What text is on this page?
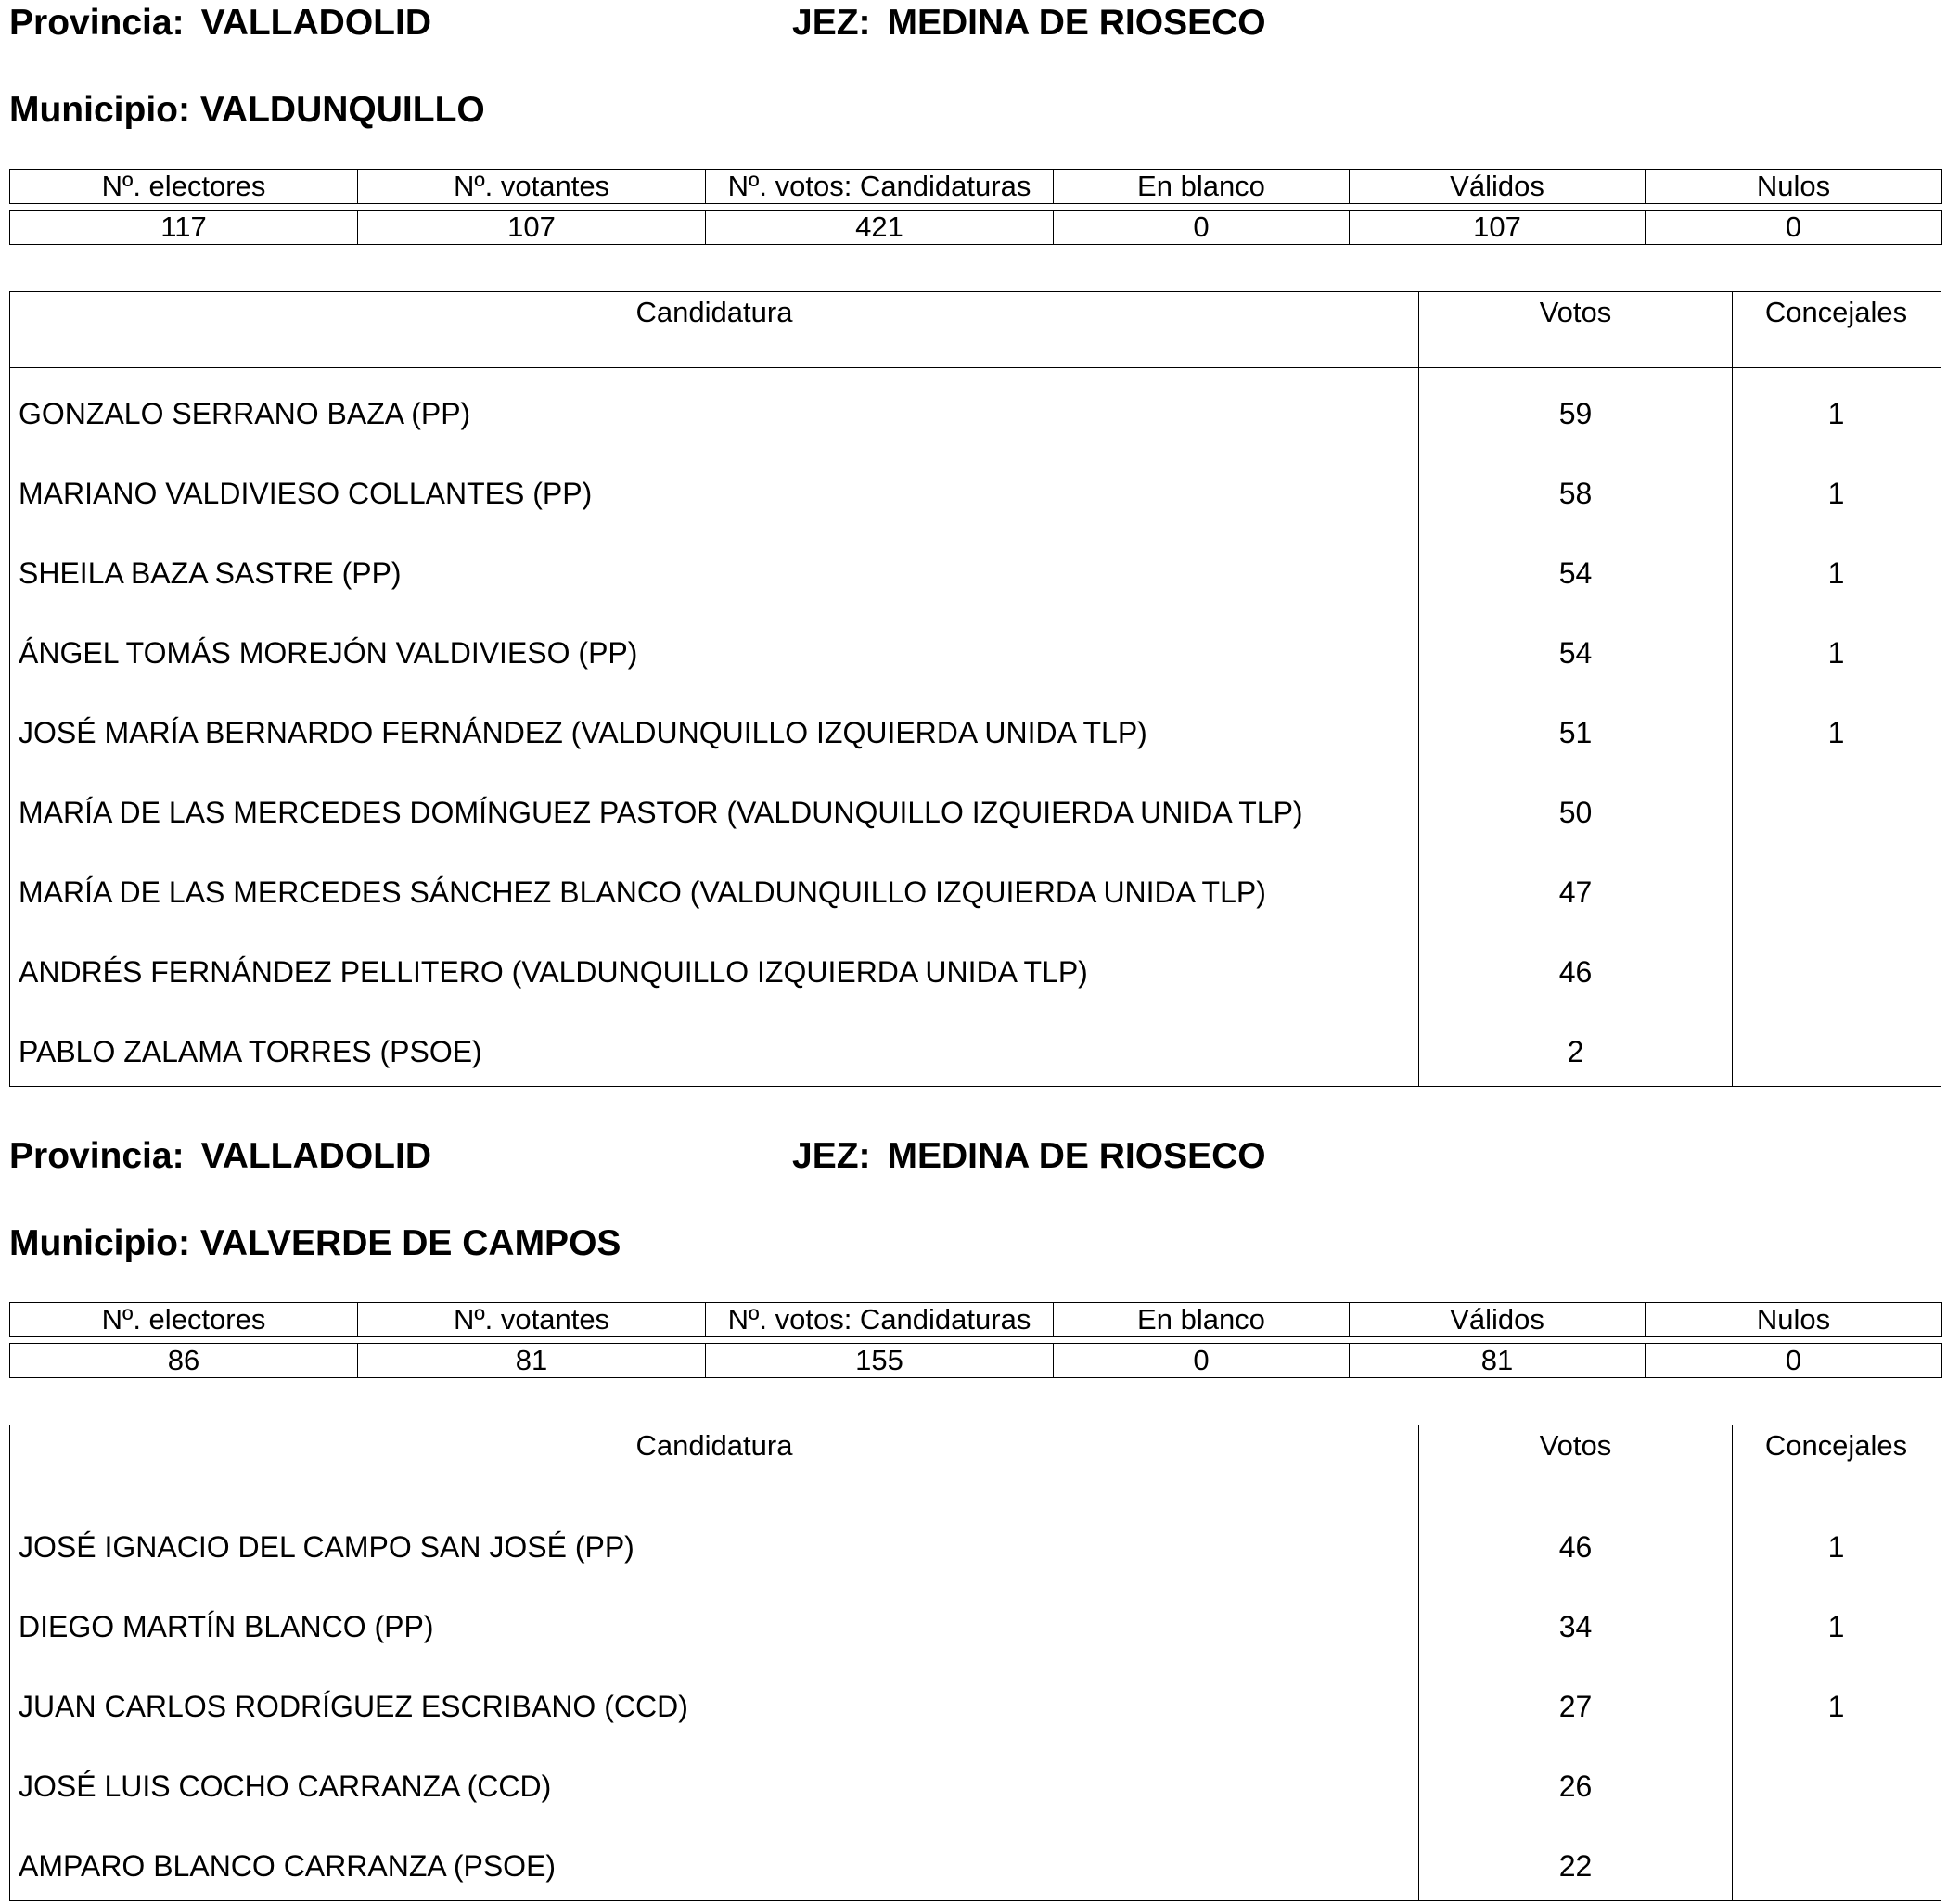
Provincia: VALLADOLID	JEZ: MEDINA DE RIOSECO
Municipio: VALDUNQUILLO
Nº. electores	Nº. votantes	Nº. votos: Candidaturas	En blanco	Válidos	Nulos

117	107	421	0	107	0
Candidatura	Votos	Concejales
GONZALO SERRANO BAZA (PP)	59	1
MARIANO VALDIVIESO COLLANTES (PP)	58	1
SHEILA BAZA SASTRE (PP)	54	1
ÁNGEL TOMÁS MOREJÓN VALDIVIESO (PP)	54	1
JOSÉ MARÍA BERNARDO FERNÁNDEZ (VALDUNQUILLO IZQUIERDA UNIDA TLP)	51	1
MARÍA DE LAS MERCEDES DOMÍNGUEZ PASTOR (VALDUNQUILLO IZQUIERDA UNIDA TLP)	50
MARÍA DE LAS MERCEDES SÁNCHEZ BLANCO (VALDUNQUILLO IZQUIERDA UNIDA TLP)	47
ANDRÉS FERNÁNDEZ PELLITERO (VALDUNQUILLO IZQUIERDA UNIDA TLP)	46
PABLO ZALAMA TORRES (PSOE)	2
Provincia: VALLADOLID	JEZ: MEDINA DE RIOSECO
Municipio: VALVERDE DE CAMPOS
Nº. electores	Nº. votantes	Nº. votos: Candidaturas	En blanco	Válidos	Nulos

86	81	155	0	81	0
Candidatura	Votos	Concejales
JOSÉ IGNACIO DEL CAMPO SAN JOSÉ (PP)	46	1
DIEGO MARTÍN BLANCO (PP)	34	1
JUAN CARLOS RODRÍGUEZ ESCRIBANO (CCD)	27	1
JOSÉ LUIS COCHO CARRANZA (CCD)	26
AMPARO BLANCO CARRANZA (PSOE)	22
